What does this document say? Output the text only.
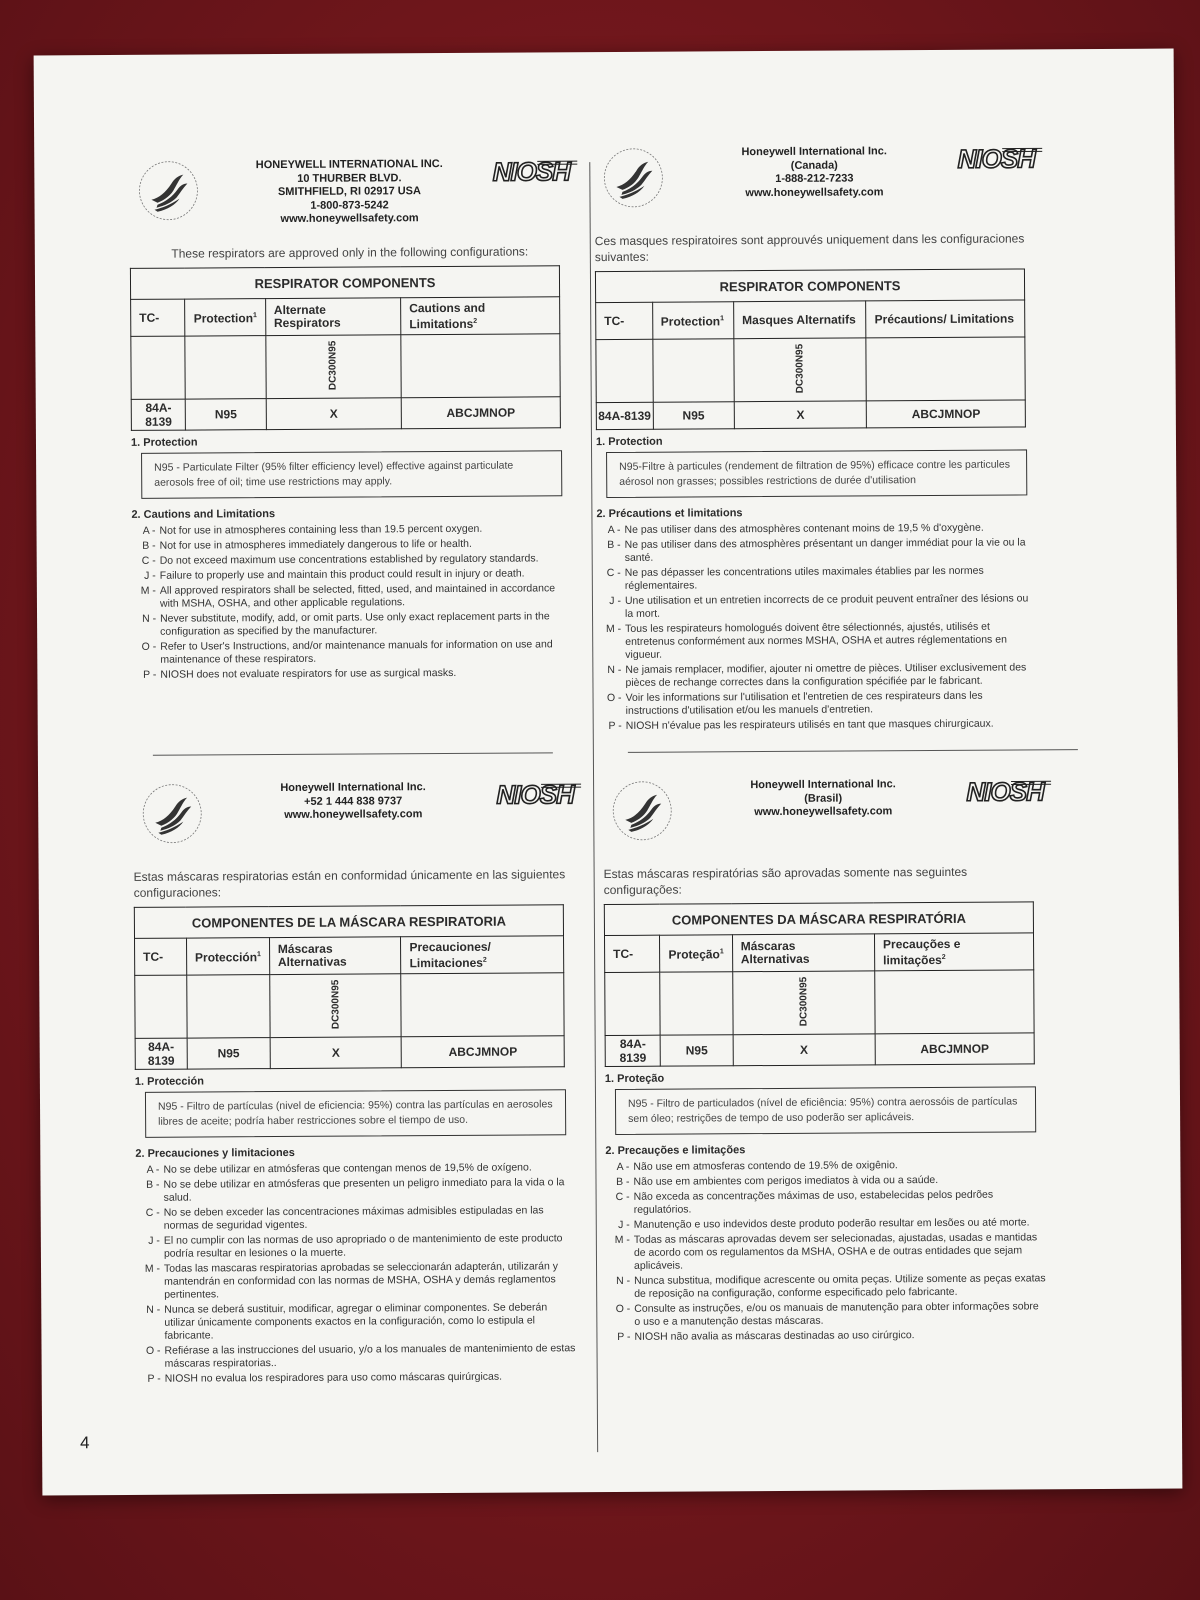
HONEYWELL INTERNATIONAL INC.
10 THURBER BLVD.
SMITHFIELD, RI 02917 USA
1-800-873-5242
www.honeywellsafety.com
NIOSH
These respirators are approved only in the following configurations:
RESPIRATOR COMPONENTS			
TC-	Protection$^1$	Alternate Respirators	Cautions and Limitations$^2$
		DC300N95	
84A-8139	N95	X	ABCJMNOP
1. Protection
N95 - Particulate Filter (95% filter efficiency level) effective against particulate aerosols free of oil; time use restrictions may apply.
2. Cautions and Limitations
A - Not for use in atmospheres containing less than 19.5 percent oxygen.
B - Not for use in atmospheres immediately dangerous to life or health.
C - Do not exceed maximum use concentrations established by regulatory standards.
J - Failure to properly use and maintain this product could result in injury or death.
M - All approved respirators shall be selected, fitted, used, and maintained in accordance with MSHA, OSHA, and other applicable regulations.
N - Never substitute, modify, add, or omit parts. Use only exact replacement parts in the configuration as specified by the manufacturer.
O - Refer to User's Instructions, and/or maintenance manuals for information on use and maintenance of these respirators.
P - NIOSH does not evaluate respirators for use as surgical masks.
Honeywell International Inc.
(Canada)
1-888-212-7233
www.honeywellsafety.com
NIOSH
Ces masques respiratoires sont approuvés uniquement dans les configuraciones suivantes:
RESPIRATOR COMPONENTS			
TC-	Protection$^1$	Masques Alternatifs	Précautions/ Limitations
		DC300N95	
84A-8139	N95	X	ABCJMNOP
1. Protection
N95-Filtre à particules (rendement de filtration de 95%) efficace contre les particules aérosol non grasses; possibles restrictions de durée d'utilisation
2. Précautions et limitations
A - Ne pas utiliser dans des atmosphères contenant moins de 19,5 % d'oxygène.
B - Ne pas utiliser dans des atmosphères présentant un danger immédiat pour la vie ou la santé.
C - Ne pas dépasser les concentrations utiles maximales établies par les normes réglementaires.
J - Une utilisation et un entretien incorrects de ce produit peuvent entraîner des lésions ou la mort.
M - Tous les respirateurs homologués doivent être sélectionnés, ajustés, utilisés et entretenus conformément aux normes MSHA, OSHA et autres réglementations en vigueur.
N - Ne jamais remplacer, modifier, ajouter ni omettre de pièces. Utiliser exclusivement des pièces de rechange correctes dans la configuration spécifiée par le fabricant.
O - Voir les informations sur l'utilisation et l'entretien de ces respirateurs dans les instructions d'utilisation et/ou les manuels d'entretien.
P - NIOSH n'évalue pas les respirateurs utilisés en tant que masques chirurgicaux.
Honeywell International Inc.
+52 1 444 838 9737
www.honeywellsafety.com
NIOSH
Estas máscaras respiratorias están en conformidad únicamente en las siguientes configuraciones:
COMPONENTES DE LA MÁSCARA RESPIRATORIA			
TC-	Protección$^1$	Máscaras Alternativas	Precauciones/ Limitaciones$^2$
		DC300N95	
84A-8139	N95	X	ABCJMNOP
1. Protección
N95 - Filtro de partículas (nivel de eficiencia: 95%) contra las partículas en aerosoles libres de aceite; podría haber restricciones sobre el tiempo de uso.
2. Precauciones y limitaciones
A - No se debe utilizar en atmósferas que contengan menos de 19,5% de oxígeno.
B - No se debe utilizar en atmósferas que presenten un peligro inmediato para la vida o la salud.
C - No se deben exceder las concentraciones máximas admisibles estipuladas en las normas de seguridad vigentes.
J - El no cumplir con las normas de uso apropriado o de mantenimiento de este producto podría resultar en lesiones o la muerte.
M - Todas las mascaras respiratorias aprobadas se seleccionarán adapterán, utilizarán y mantendrán en conformidad con las normas de MSHA, OSHA y demás reglamentos pertinentes.
N - Nunca se deberá sustituir, modificar, agregar o eliminar componentes. Se deberán utilizar únicamente components exactos en la configuración, como lo estipula el fabricante.
O - Refiérase a las instrucciones del usuario, y/o a los manuales de mantenimiento de estas máscaras respiratorias..
P - NIOSH no evalua los respiradores para uso como máscaras quirúrgicas.
Honeywell International Inc.
(Brasil)
www.honeywellsafety.com
NIOSH
Estas máscaras respiratórias são aprovadas somente nas seguintes configurações:
COMPONENTES DA MÁSCARA RESPIRATÓRIA			
TC-	Proteção$^1$	Máscaras Alternativas	Precauções e limitações$^2$
		DC300N95	
84A-8139	N95	X	ABCJMNOP
1. Proteção
N95 - Filtro de particulados (nível de eficiência: 95%) contra aerossóis de partículas sem óleo; restrições de tempo de uso poderão ser aplicáveis.
2. Precauções e limitações
A - Não use em atmosferas contendo de 19.5% de oxigênio.
B - Não use em ambientes com perigos imediatos à vida ou a saúde.
C - Não exceda as concentrações máximas de uso, estabelecidas pelos pedrões regulatórios.
J - Manutenção e uso indevidos deste produto poderão resultar em lesões ou até morte.
M - Todas as máscaras aprovadas devem ser selecionadas, ajustadas, usadas e mantidas de acordo com os regulamentos da MSHA, OSHA e de outras entidades que sejam aplicáveis.
N - Nunca substitua, modifique acrescente ou omita peças. Utilize somente as peças exatas de reposição na configuração, conforme especificado pelo fabricante.
O - Consulte as instruções, e/ou os manuais de manutenção para obter informações sobre o uso e a manutenção destas máscaras.
P - NIOSH não avalia as máscaras destinadas ao uso cirúrgico.
4
